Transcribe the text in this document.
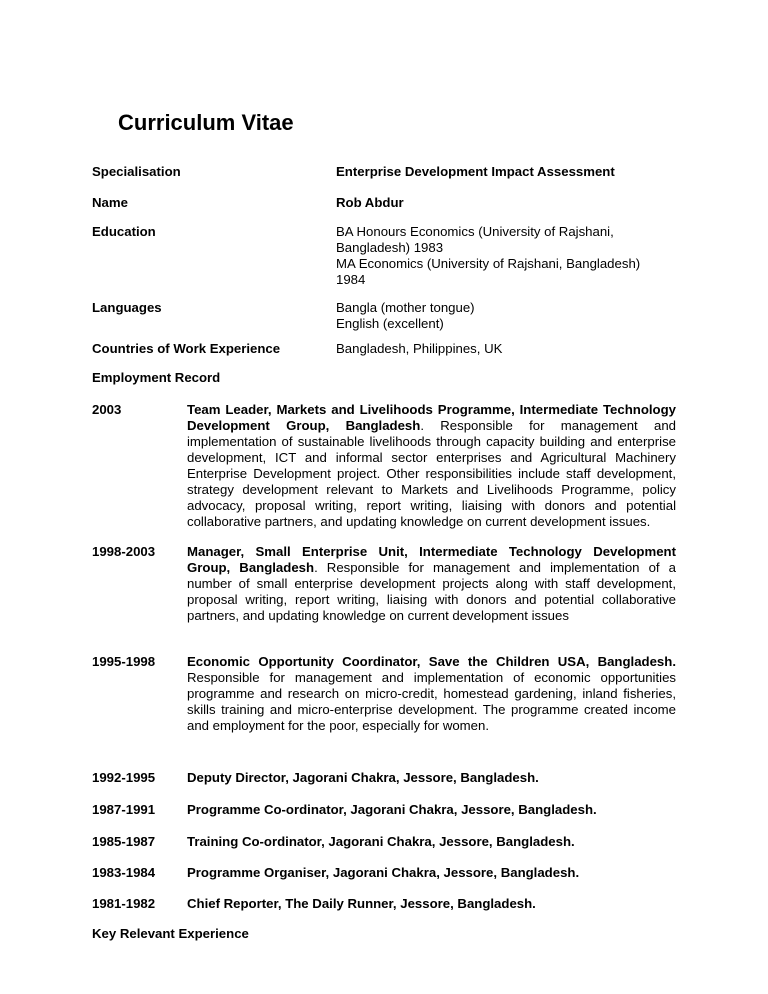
Curriculum Vitae
Specialisation	Enterprise Development Impact Assessment
Name	Rob Abdur
Education	BA Honours Economics (University of Rajshani,
Bangladesh) 1983
MA Economics (University of Rajshani, Bangladesh)
1984
Languages	Bangla (mother tongue)
English (excellent)
Countries of Work Experience	Bangladesh, Philippines, UK
Employment Record
2003	Team Leader, Markets and Livelihoods Programme, Intermediate Technology Development Group, Bangladesh. Responsible for management and implementation of sustainable livelihoods through capacity building and enterprise development, ICT and informal sector enterprises and Agricultural Machinery Enterprise Development project. Other responsibilities include staff development, strategy development relevant to Markets and Livelihoods Programme, policy advocacy, proposal writing, report writing, liaising with donors and potential collaborative partners, and updating knowledge on current development issues.
1998-2003 Manager, Small Enterprise Unit, Intermediate Technology Development Group, Bangladesh. Responsible for management and implementation of a number of small enterprise development projects along with staff development, proposal writing, report writing, liaising with donors and potential collaborative partners, and updating knowledge on current development issues
1995-1998 Economic Opportunity Coordinator, Save the Children USA, Bangladesh. Responsible for management and implementation of economic opportunities programme and research on micro-credit, homestead gardening, inland fisheries, skills training and micro-enterprise development. The programme created income and employment for the poor, especially for women.
1992-1995 Deputy Director, Jagorani Chakra, Jessore, Bangladesh.
1987-1991 Programme Co-ordinator, Jagorani Chakra, Jessore, Bangladesh.
1985-1987 Training Co-ordinator, Jagorani Chakra, Jessore, Bangladesh.
1983-1984 Programme Organiser, Jagorani Chakra, Jessore, Bangladesh.
1981-1982 Chief Reporter, The Daily Runner, Jessore, Bangladesh.
Key Relevant Experience
